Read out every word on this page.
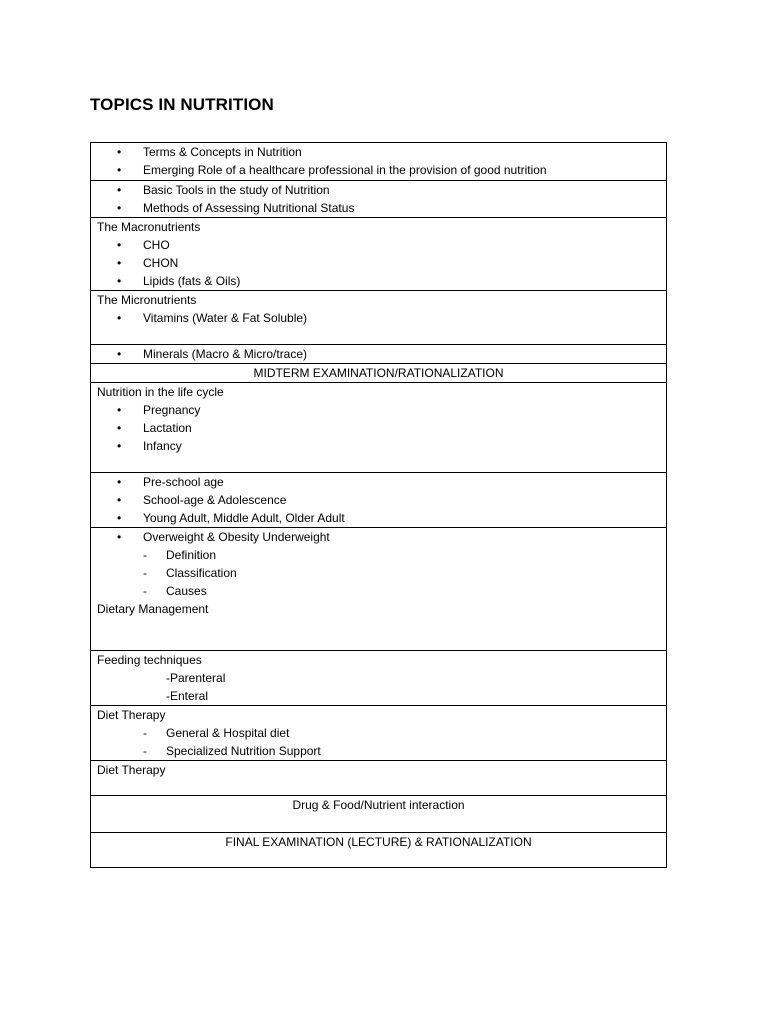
TOPICS IN NUTRITION
• Terms & Concepts in Nutrition
• Emerging Role of a healthcare professional in the provision of good nutrition

• Basic Tools in the study of Nutrition
• Methods of Assessing Nutritional Status

The Macronutrients
• CHO
• CHON
• Lipids (fats & Oils)

The Micronutrients
• Vitamins (Water & Fat Soluble)

• Minerals (Macro & Micro/trace)

MIDTERM EXAMINATION/RATIONALIZATION

Nutrition in the life cycle
• Pregnancy
• Lactation
• Infancy

• Pre-school age
• School-age & Adolescence
• Young Adult, Middle Adult, Older Adult

• Overweight & Obesity Underweight
- Definition
- Classification
- Causes
Dietary Management

Feeding techniques
-Parenteral
-Enteral

Diet Therapy
- General & Hospital diet
- Specialized Nutrition Support

Diet Therapy

Drug & Food/Nutrient interaction

FINAL EXAMINATION (LECTURE) & RATIONALIZATION
